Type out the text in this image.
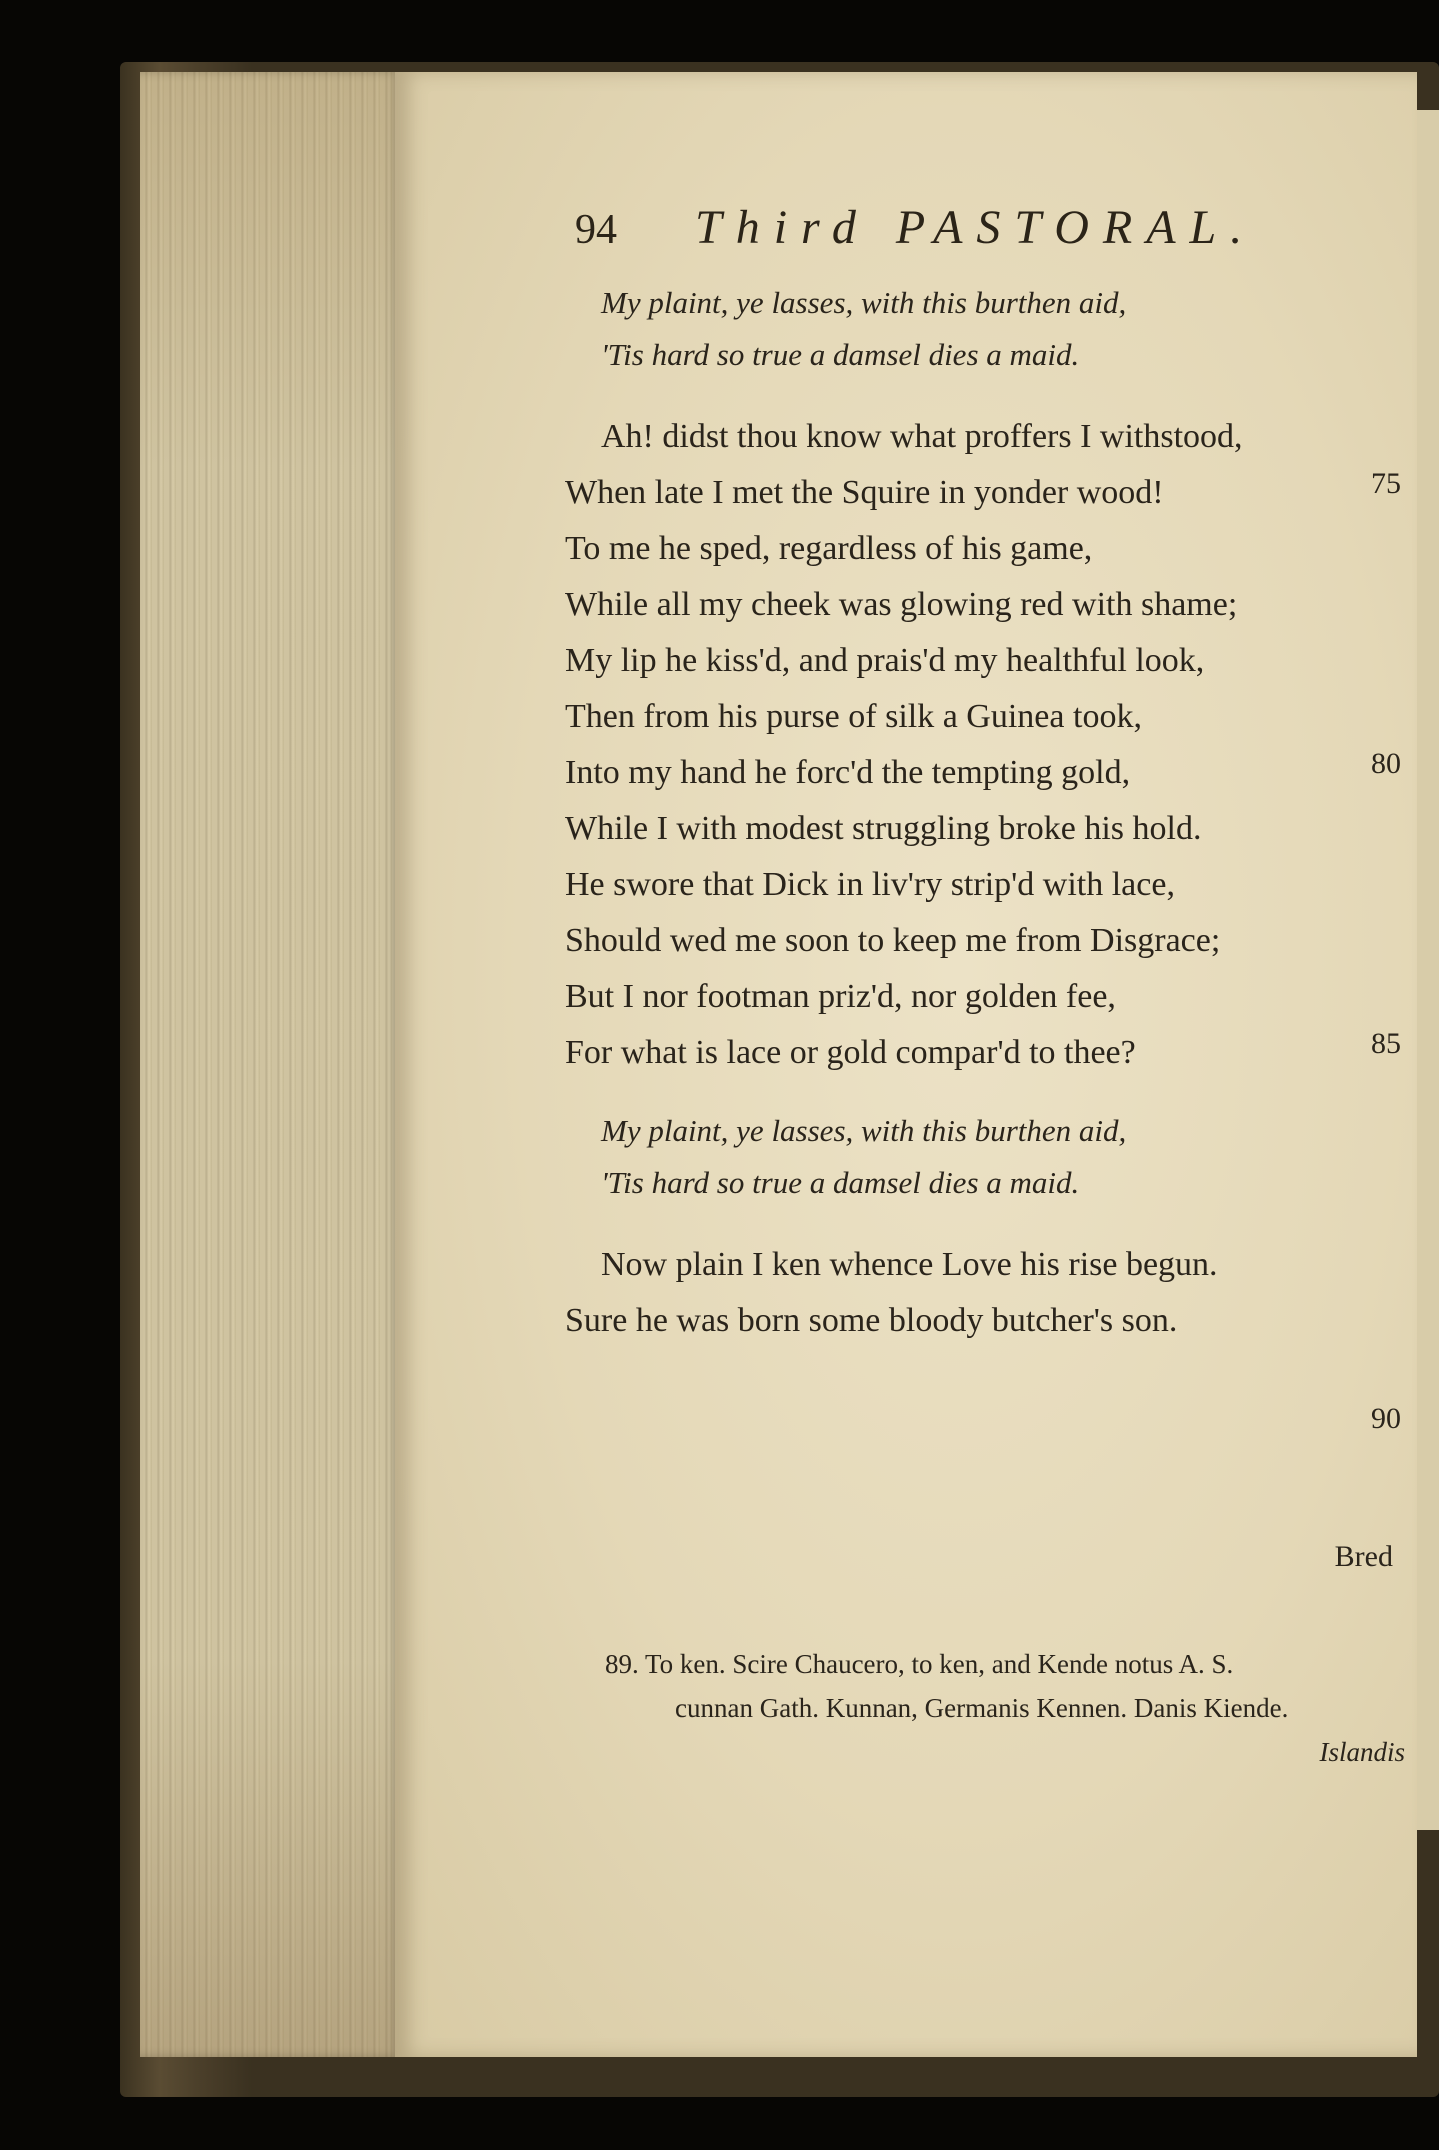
94 Third PASTORAL.
My plaint, ye lasses, with this burthen aid,
'Tis hard so true a damsel dies a maid.
Ah! didst thou know what proffers I withstood,
When late I met the Squire in yonder wood!
To me he sped, regardless of his game,
While all my cheek was glowing red with shame;
My lip he kiss'd, and prais'd my healthful look,
Then from his purse of silk a Guinea took,
Into my hand he forc'd the tempting gold,
While I with modest struggling broke his hold.
He swore that Dick in liv'ry strip'd with lace,
Should wed me soon to keep me from Disgrace;
But I nor footman priz'd, nor golden fee,
For what is lace or gold compar'd to thee?
My plaint, ye lasses, with this burthen aid,
'Tis hard so true a damsel dies a maid.
Now plain I ken whence Love his rise begun.
Sure he was born some bloody butcher's son.
75
80
85
90
Bred
89. To ken. Scire Chaucero, to ken, and Kende notus A. S.
cunnan Gath. Kunnan, Germanis Kennen. Danis Kiende.
Islandis
